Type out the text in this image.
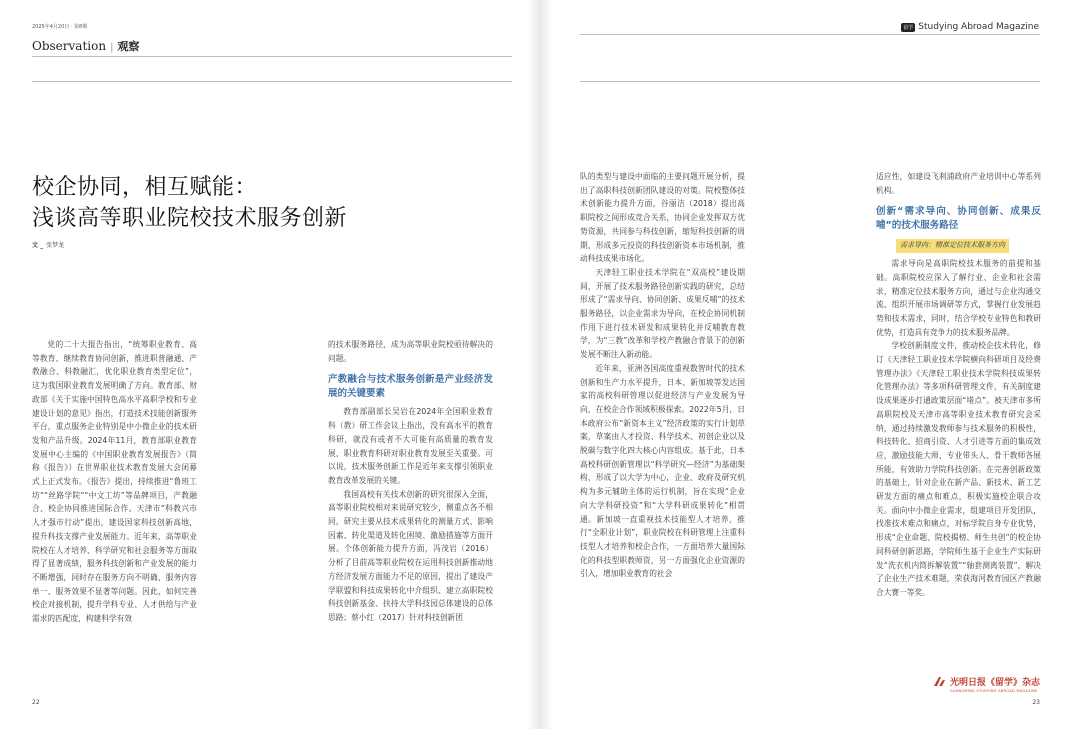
2025年4月20日 · 第8期
Observation | 观察
校企协同，相互赋能：
浅谈高等职业院校技术服务创新
文 _ 张梦龙

党的二十大报告指出，“统筹职业教育、高等教育、继续教育协同创新，推进职普融通、产教融合、科教融汇，优化职业教育类型定位”，这为我国职业教育发展明确了方向。教育部、财政部《关于实施中国特色高水平高职学校和专业建设计划的意见》指出，打造技术技能创新服务平台，重点服务企业特别是中小微企业的技术研发和产品升级。2024年11月，教育部职业教育发展中心主编的《中国职业教育发展报告》（简称《报告》）在世界职业技术教育发展大会闭幕式上正式发布。《报告》提出，持续推进“鲁班工坊”“丝路学院”“中文工坊”等品牌项目，产教融合、校企协同推进国际合作。天津市“科教兴市人才强市行动”提出，建设国家科技创新高地，提升科技支撑产业发展能力。近年来，高等职业院校在人才培养、科学研究和社会服务等方面取得了显著成绩，服务科技创新和产业发展的能力不断增强，同时存在服务方向不明确、服务内容单一、服务效果不显著等问题。因此，如何完善校企对接机制，提升学科专业、人才供给与产业需求的匹配度，构建科学有效

的技术服务路径，成为高等职业院校亟待解决的问题。

产教融合与技术服务创新是产业经济发展的关键要素

教育部副部长吴岩在2024年全国职业教育科（教）研工作会议上指出，没有高水平的教育科研，就没有或者不大可能有高质量的教育发展，职业教育科研对职业教育发展至关重要。可以说，技术服务创新工作是近年来支撑引领职业教育改革发展的关键。

我国高校有关技术创新的研究很深入全面，高等职业院校相对来说研究较少，侧重点各不相同，研究主要从技术成果转化的测量方式、影响因素、转化渠道及转化困境、激励措施等方面开展。个体创新能力提升方面，冯茂岩（2016）分析了目前高等职业院校在运用科技创新推动地方经济发展方面能力不足的原因，提出了建设产学联盟和科技成果转化中介组织、建立高职院校科技创新基金、扶持大学科技园总体建设的总体思路；蔡小红（2017）针对科技创新团

22
留学 Studying Abroad Magazine

队的类型与建设中面临的主要问题开展分析，提出了高职科技创新团队建设的对策。院校整体技术创新能力提升方面，谷丽洁（2018）提出高职院校之间形成竞合关系，协同企业发挥双方优势资源，共同参与科技创新，缩短科技创新的周期，形成多元投资的科技创新资本市场机制，推动科技成果市场化。

天津轻工职业技术学院在“双高校”建设期间，开展了技术服务路径创新实践的研究，总结形成了“需求导向、协同创新、成果反哺”的技术服务路径，以企业需求为导向，在校企协同机制作用下进行技术研发和成果转化并反哺教育教学，为“三教”改革和学校产教融合背景下的创新发展不断注入新动能。

近年来，亚洲各国高度重视数智时代的技术创新和生产力水平提升，日本、新加坡等发达国家的高校科研管理以促进经济与产业发展为导向，在校企合作领域积极探索。2022年5月，日本政府公布“新资本主义”经济政策的实行计划草案，草案由人才投资、科学技术、初创企业以及脱碳与数字化四大核心内容组成。基于此，日本高校科研创新管理以“科学研究—经济”为基础架构，形成了以大学为中心，企业、政府及研究机构为多元辅助主体的运行机制，旨在实现“企业向大学科研投资”和“大学科研成果转化”相贯通。新加坡一直重视技术技能型人才培养，推行“全职业计划”，职业院校在科研管理上注重科技型人才培养和校企合作，一方面培养大量国际化的科技型职教师资，另一方面强化企业资源的引入，增加职业教育的社会

适应性，如建设飞利浦政府产业培训中心等系列机构。

创新“需求导向、协同创新、成果反哺”的技术服务路径
需求导向：精准定位技术服务方向

需求导向是高职院校技术服务的前提和基础。高职院校应深入了解行业、企业和社会需求，精准定位技术服务方向，通过与企业沟通交流、组织开展市场调研等方式，掌握行业发展趋势和技术需求，同时，结合学校专业特色和教研优势，打造具有竞争力的技术服务品牌。

学校创新制度文件，推动校企技术转化，修订《天津轻工职业技术学院横向科研项目及经费管理办法》《天津轻工职业技术学院科技成果转化管理办法》等多项科研管理文件，有关制度建设成果逐步打通政策层面“堵点”。被天津市多所高职院校及天津市高等职业技术教育研究会采纳，通过持续激发教师参与技术服务的积极性，科技转化、招商引资、人才引进等方面的集成效应，激励技能大师、专业带头人、骨干教师各展所能，有效助力学院科技创新。在完善创新政策的基础上，针对企业在新产品、新技术、新工艺研发方面的痛点和难点，积极实施校企联合攻关。面向中小微企业需求，组建项目开发团队，找准技术难点和痛点，对标学院自身专业优势，形成“企业命题、院校揭榜、师生共创”的校企协同科研创新思路，学院师生基于企业生产实际研发“洗衣机内筒拆解装置”“轴套测离装置”，解决了企业生产技术难题，荣获海河教育园区产教融合大赛一等奖。

光明日报《留学》杂志
GUANGMING STUDYING ABROAD MAGAZINE
23
